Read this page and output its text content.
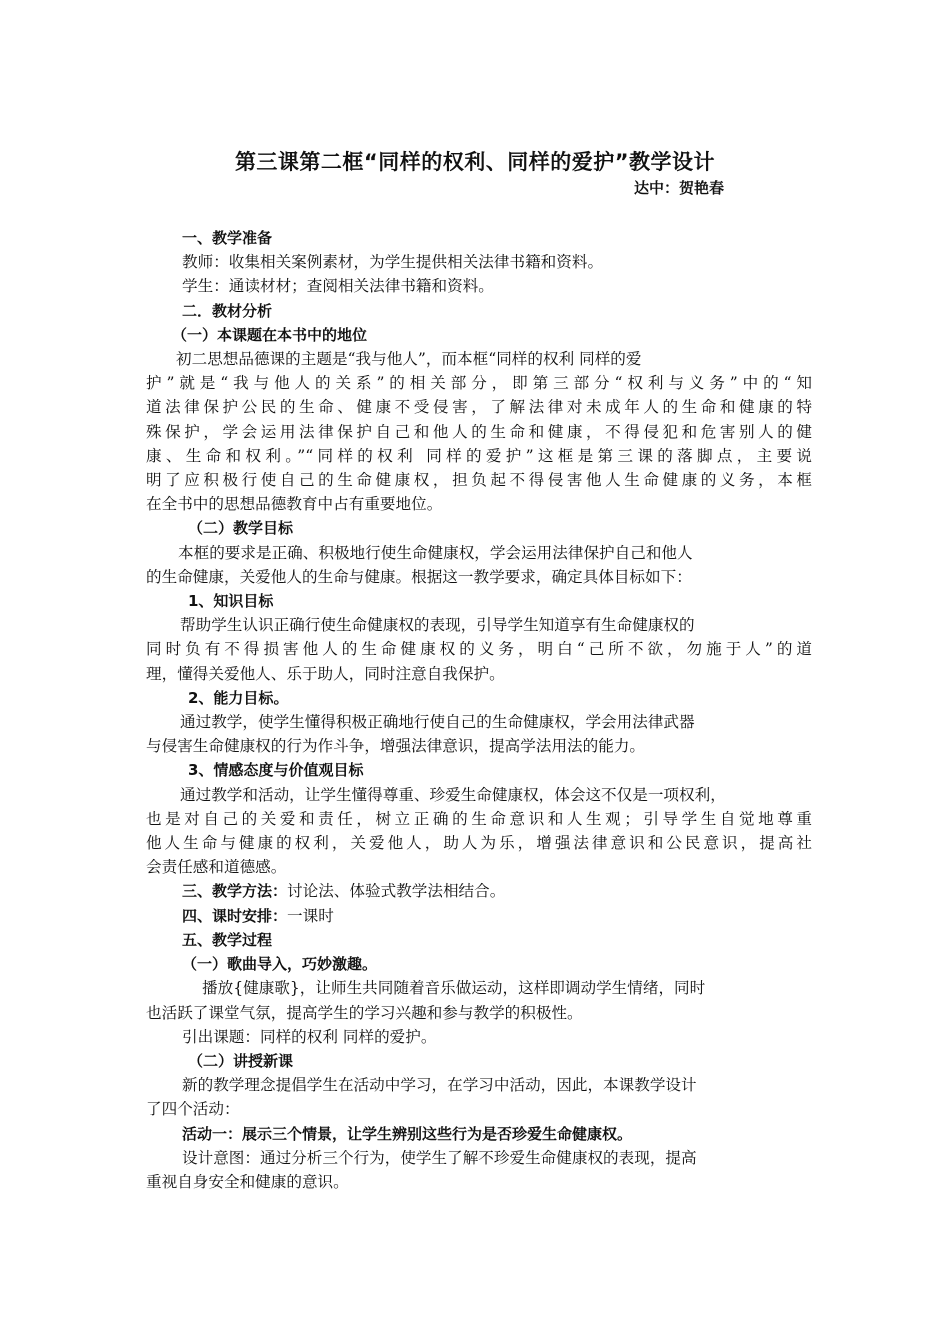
第三课第二框“同样的权利、同样的爱护”教学设计
达中：贺艳春

一、教学准备

教师：收集相关案例素材，为学生提供相关法律书籍和资料。

学生：通读材材；查阅相关法律书籍和资料。

二．教材分析

（一）本课题在本书中的地位

初二思想品德课的主题是“我与他人”，而本框“同样的权利 同样的爱

护”就是“我与他人的关系”的相关部分，即第三部分“权利与义务”中的“知

道法律保护公民的生命、健康不受侵害，了解法律对未成年人的生命和健康的特

殊保护，学会运用法律保护自己和他人的生命和健康，不得侵犯和危害别人的健

康、生命和权利。”“同样的权利 同样的爱护”这框是第三课的落脚点，主要说

明了应积极行使自己的生命健康权，担负起不得侵害他人生命健康的义务，本框

在全书中的思想品德教育中占有重要地位。

（二）教学目标

本框的要求是正确、积极地行使生命健康权，学会运用法律保护自己和他人

的生命健康，关爱他人的生命与健康。根据这一教学要求，确定具体目标如下：

1、知识目标

帮助学生认识正确行使生命健康权的表现，引导学生知道享有生命健康权的

同时负有不得损害他人的生命健康权的义务，明白“己所不欲，勿施于人”的道

理，懂得关爱他人、乐于助人，同时注意自我保护。

2、能力目标。

通过教学，使学生懂得积极正确地行使自己的生命健康权，学会用法律武器

与侵害生命健康权的行为作斗争，增强法律意识，提高学法用法的能力。

3、情感态度与价值观目标

通过教学和活动，让学生懂得尊重、珍爱生命健康权，体会这不仅是一项权利，

也是对自己的关爱和责任，树立正确的生命意识和人生观；引导学生自觉地尊重

他人生命与健康的权利，关爱他人，助人为乐，增强法律意识和公民意识，提高社

会责任感和道德感。

三、教学方法：讨论法、体验式教学法相结合。

四、课时安排：一课时

五、教学过程

（一）歌曲导入，巧妙激趣。

播放{健康歌}，让师生共同随着音乐做运动，这样即调动学生情绪，同时

也活跃了课堂气氛，提高学生的学习兴趣和参与教学的积极性。

引出课题：同样的权利 同样的爱护。

（二）讲授新课

新的教学理念提倡学生在活动中学习，在学习中活动，因此，本课教学设计

了四个活动：

活动一：展示三个情景，让学生辨别这些行为是否珍爱生命健康权。

设计意图：通过分析三个行为，使学生了解不珍爱生命健康权的表现，提高

重视自身安全和健康的意识。
